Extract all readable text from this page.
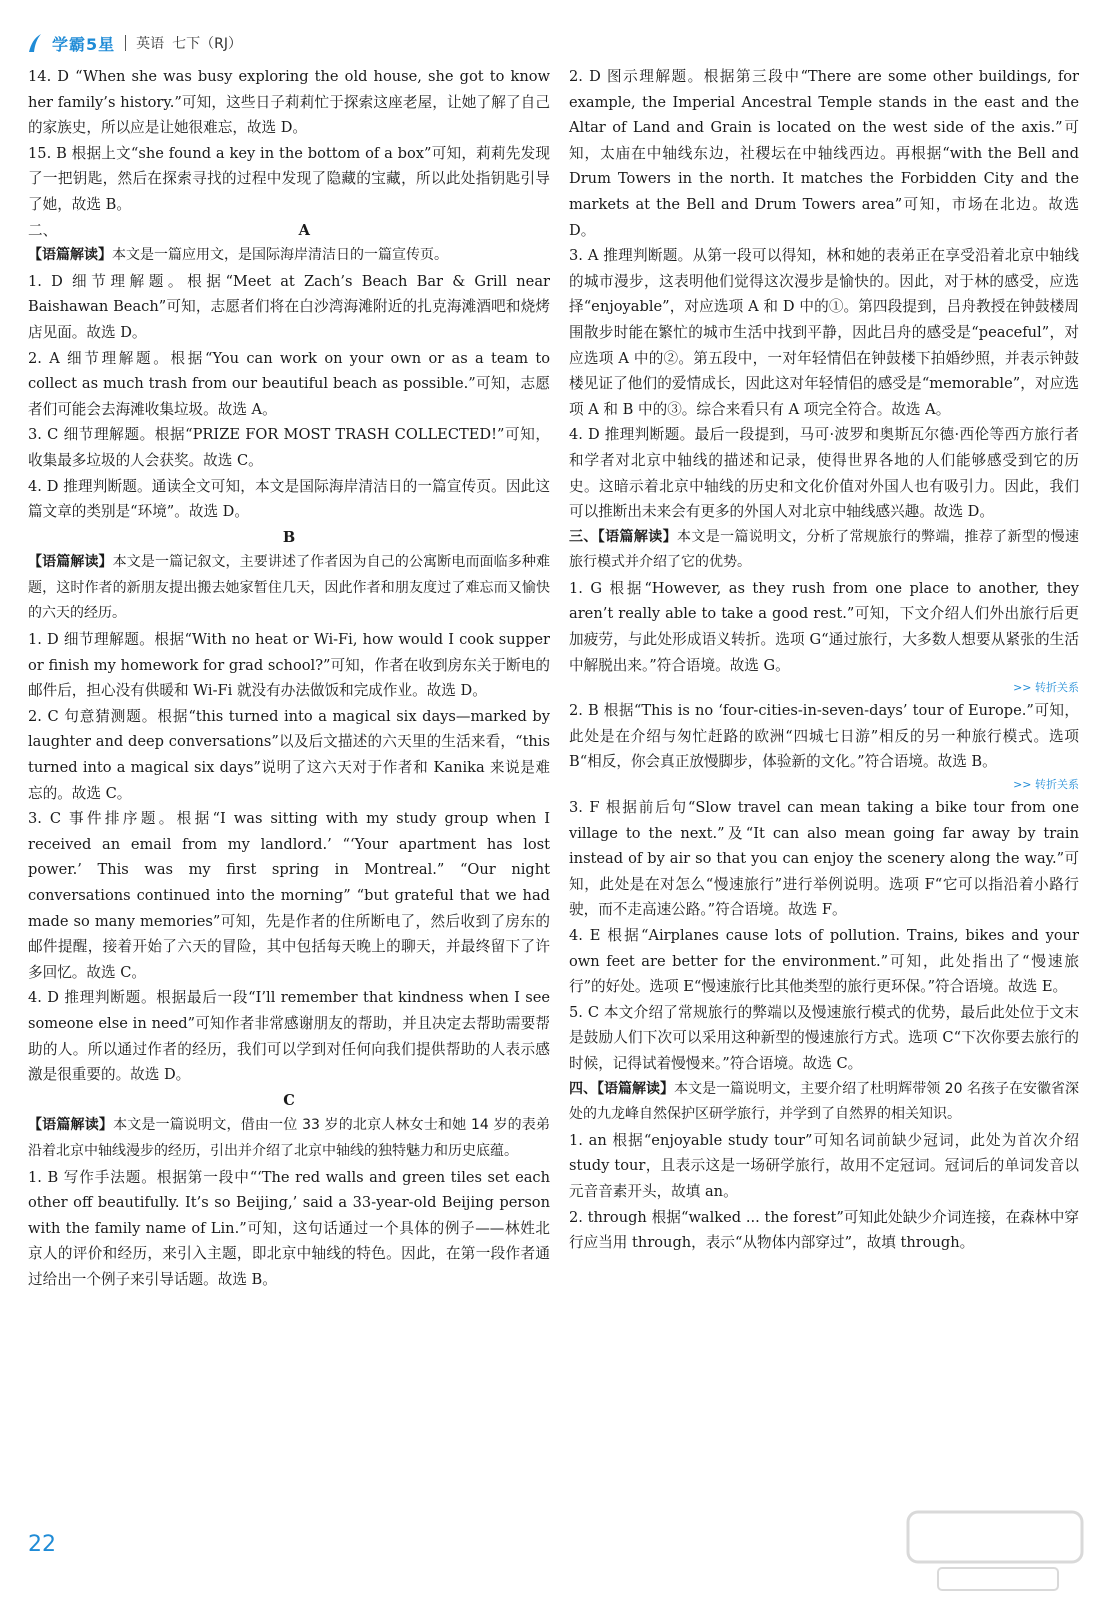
学霸5星 英语 七下（RJ）

14. D “When she was busy exploring the old house, she got to know her family’s history.”可知，这些日子莉莉忙于探索这座老屋，让她了解了自己的家族史，所以应是让她很难忘，故选 D。

15. B 根据上文“she found a key in the bottom of a box”可知，莉莉先发现了一把钥匙，然后在探索寻找的过程中发现了隐藏的宝藏，所以此处指钥匙引导了她，故选 B。

二、	A

【语篇解读】本文是一篇应用文，是国际海岸清洁日的一篇宣传页。

1. D 细节理解题。根据“Meet at Zach’s Beach Bar & Grill near Baishawan Beach”可知，志愿者们将在白沙湾海滩附近的扎克海滩酒吧和烧烤店见面。故选 D。

2. A 细节理解题。根据“You can work on your own or as a team to collect as much trash from our beautiful beach as possible.”可知，志愿者们可能会去海滩收集垃圾。故选 A。

3. C 细节理解题。根据“PRIZE FOR MOST TRASH COLLECTED!”可知，收集最多垃圾的人会获奖。故选 C。

4. D 推理判断题。通读全文可知，本文是国际海岸清洁日的一篇宣传页。因此这篇文章的类别是“环境”。故选 D。

B

【语篇解读】本文是一篇记叙文，主要讲述了作者因为自己的公寓断电而面临多种难题，这时作者的新朋友提出搬去她家暂住几天，因此作者和朋友度过了难忘而又愉快的六天的经历。

1. D 细节理解题。根据“With no heat or Wi-Fi, how would I cook supper or finish my homework for grad school?”可知，作者在收到房东关于断电的邮件后，担心没有供暖和 Wi-Fi 就没有办法做饭和完成作业。故选 D。

2. C 句意猜测题。根据“this turned into a magical six days—marked by laughter and deep conversations”以及后文描述的六天里的生活来看，“this turned into a magical six days”说明了这六天对于作者和 Kanika 来说是难忘的。故选 C。

3. C 事件排序题。根据“I was sitting with my study group when I received an email from my landlord.’ “‘Your apartment has lost power.’ This was my first spring in Montreal.” “Our night conversations continued into the morning” “but grateful that we had made so many memories”可知，先是作者的住所断电了，然后收到了房东的邮件提醒，接着开始了六天的冒险，其中包括每天晚上的聊天，并最终留下了许多回忆。故选 C。

4. D 推理判断题。根据最后一段“I’ll remember that kindness when I see someone else in need”可知作者非常感谢朋友的帮助，并且决定去帮助需要帮助的人。所以通过作者的经历，我们可以学到对任何向我们提供帮助的人表示感激是很重要的。故选 D。

C

【语篇解读】本文是一篇说明文，借由一位 33 岁的北京人林女士和她 14 岁的表弟沿着北京中轴线漫步的经历，引出并介绍了北京中轴线的独特魅力和历史底蕴。

1. B 写作手法题。根据第一段中“‘The red walls and green tiles set each other off beautifully. It’s so Beijing,’ said a 33-year-old Beijing person with the family name of Lin.”可知，这句话通过一个具体的例子——林姓北京人的评价和经历，来引入主题，即北京中轴线的特色。因此，在第一段作者通过给出一个例子来引导话题。故选 B。

2. D 图示理解题。根据第三段中“There are some other buildings, for example, the Imperial Ancestral Temple stands in the east and the Altar of Land and Grain is located on the west side of the axis.”可知，太庙在中轴线东边，社稷坛在中轴线西边。再根据“with the Bell and Drum Towers in the north. It matches the Forbidden City and the markets at the Bell and Drum Towers area”可知，市场在北边。故选 D。

3. A 推理判断题。从第一段可以得知，林和她的表弟正在享受沿着北京中轴线的城市漫步，这表明他们觉得这次漫步是愉快的。因此，对于林的感受，应选择“enjoyable”，对应选项 A 和 D 中的①。第四段提到，吕舟教授在钟鼓楼周围散步时能在繁忙的城市生活中找到平静，因此吕舟的感受是“peaceful”，对应选项 A 中的②。第五段中，一对年轻情侣在钟鼓楼下拍婚纱照，并表示钟鼓楼见证了他们的爱情成长，因此这对年轻情侣的感受是“memorable”，对应选项 A 和 B 中的③。综合来看只有 A 项完全符合。故选 A。

4. D 推理判断题。最后一段提到，马可·波罗和奥斯瓦尔德·西伦等西方旅行者和学者对北京中轴线的描述和记录，使得世界各地的人们能够感受到它的历史。这暗示着北京中轴线的历史和文化价值对外国人也有吸引力。因此，我们可以推断出未来会有更多的外国人对北京中轴线感兴趣。故选 D。

三、【语篇解读】本文是一篇说明文，分析了常规旅行的弊端，推荐了新型的慢速旅行模式并介绍了它的优势。

1. G 根据“However, as they rush from one place to another, they aren’t really able to take a good rest.”可知，下文介绍人们外出旅行后更加疲劳，与此处形成语义转折。选项 G“通过旅行，大多数人想要从紧张的生活中解脱出来。”符合语境。故选 G。

>> 转折关系

2. B 根据“This is no ‘four-cities-in-seven-days’ tour of Europe.”可知，此处是在介绍与匆忙赶路的欧洲“四城七日游”相反的另一种旅行模式。选项 B“相反，你会真正放慢脚步，体验新的文化。”符合语境。故选 B。

>> 转折关系

3. F 根据前后句“Slow travel can mean taking a bike tour from one village to the next.”及“It can also mean going far away by train instead of by air so that you can enjoy the scenery along the way.”可知，此处是在对怎么“慢速旅行”进行举例说明。选项 F“它可以指沿着小路行驶，而不走高速公路。”符合语境。故选 F。

4. E 根据“Airplanes cause lots of pollution. Trains, bikes and your own feet are better for the environment.”可知，此处指出了“慢速旅行”的好处。选项 E“慢速旅行比其他类型的旅行更环保。”符合语境。故选 E。

5. C 本文介绍了常规旅行的弊端以及慢速旅行模式的优势，最后此处位于文末是鼓励人们下次可以采用这种新型的慢速旅行方式。选项 C“下次你要去旅行的时候，记得试着慢慢来。”符合语境。故选 C。

四、【语篇解读】本文是一篇说明文，主要介绍了杜明辉带领 20 名孩子在安徽省深处的九龙峰自然保护区研学旅行，并学到了自然界的相关知识。

1. an 根据“enjoyable study tour”可知名词前缺少冠词，此处为首次介绍 study tour，且表示这是一场研学旅行，故用不定冠词。冠词后的单词发音以元音音素开头，故填 an。

2. through 根据“walked ... the forest”可知此处缺少介词连接，在森林中穿行应当用 through，表示“从物体内部穿过”，故填 through。

22
